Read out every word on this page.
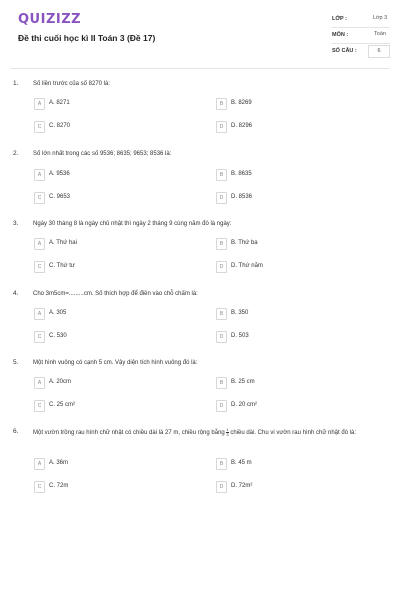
QUIZIZZ
Đề thi cuối học kì II Toán 3 (Đề 17)
LỚP :	Lớp 3
MÔN :	Toán
SỐ CÂU :	6
1. Số liền trước của số 8270 là:
A	A. 8271	B	B. 8269
C	C. 8270	D	D. 8296
2. Số lớn nhất trong các số 9536; 8635; 9653; 8536 là:
A	A. 9536	B	B. 8635
C	C. 9653	D	D. 8536
3. Ngày 30 tháng 8 là ngày chủ nhật thì ngày 2 tháng 9 cùng năm đó là ngày:
A	A. Thứ hai	B	B. Thứ ba
C	C. Thứ tư	D	D. Thứ năm
4. Cho 3m5cm=.........cm. Số thích hợp để điền vào chỗ chấm là:
A	A. 305	B	B. 350
C	C. 530	D	D. 503
5. Một hình vuông có cạnh 5 cm. Vậy diện tích hình vuông đó là:
A	A. 20cm	B	B. 25 cm
C	C. 25 cm²	D	D. 20 cm²
6. Một vườn trồng rau hình chữ nhật có chiều dài là 27 m, chiều rộng bằng $\frac{1}{3}$ chiều dài. Chu vi vườn rau hình chữ nhật đó là:
A	A. 36m	B	B. 45 m
C	C. 72m	D	D. 72m²
